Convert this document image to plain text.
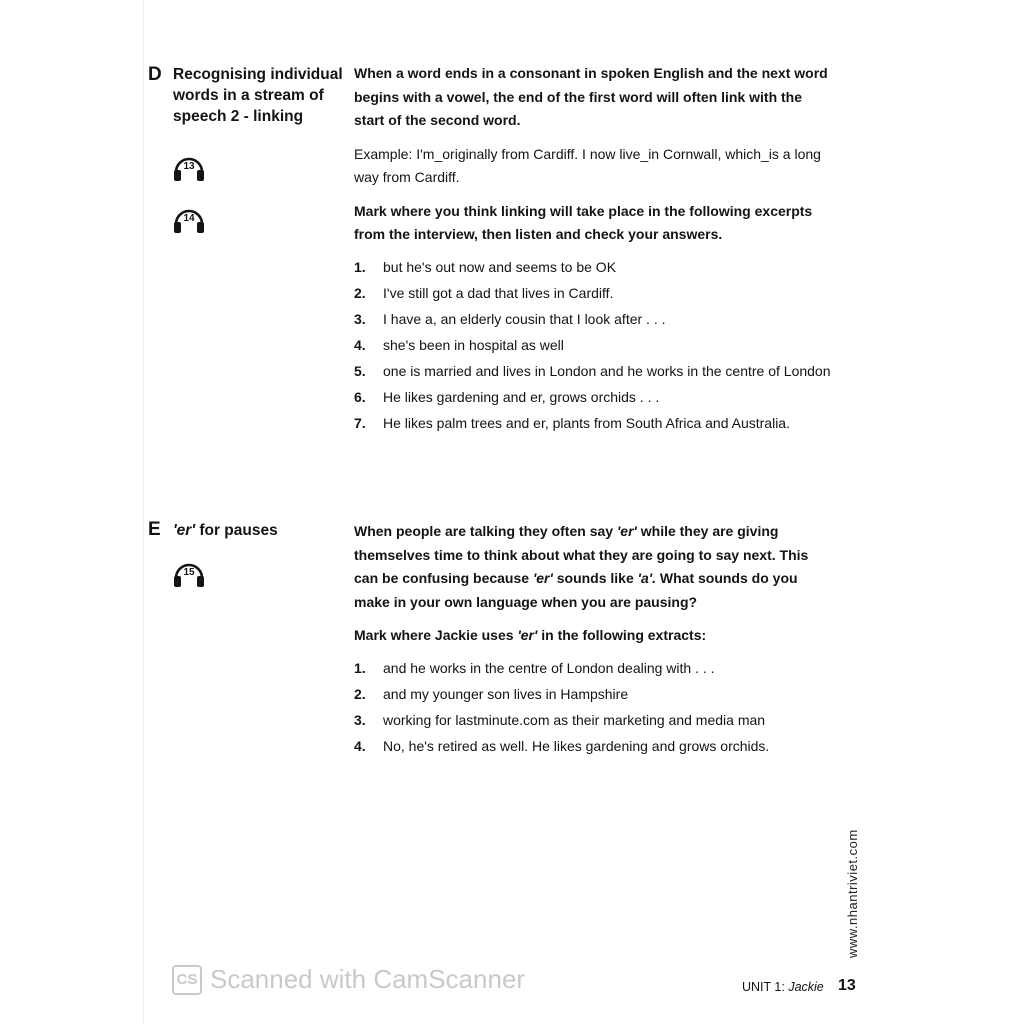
D Recognising individual words in a stream of speech 2 - linking
13
14

When a word ends in a consonant in spoken English and the next word begins with a vowel, the end of the first word will often link with the start of the second word.

Example: I'm_originally from Cardiff. I now live_in Cornwall, which_is a long way from Cardiff.

Mark where you think linking will take place in the following excerpts from the interview, then listen and check your answers.

1. but he's out now and seems to be OK
2. I've still got a dad that lives in Cardiff.
3. I have a, an elderly cousin that I look after . . .
4. she's been in hospital as well
5. one is married and lives in London and he works in the centre of London
6. He likes gardening and er, grows orchids . . .
7. He likes palm trees and er, plants from South Africa and Australia.
E 'er' for pauses
15

When people are talking they often say 'er' while they are giving themselves time to think about what they are going to say next. This can be confusing because 'er' sounds like 'a'. What sounds do you make in your own language when you are pausing?

Mark where Jackie uses 'er' in the following extracts:

1. and he works in the centre of London dealing with . . .
2. and my younger son lives in Hampshire
3. working for lastminute.com as their marketing and media man
4. No, he's retired as well. He likes gardening and grows orchids.
www.nhantriviet.com
CS Scanned with CamScanner	UNIT 1: Jackie 13
